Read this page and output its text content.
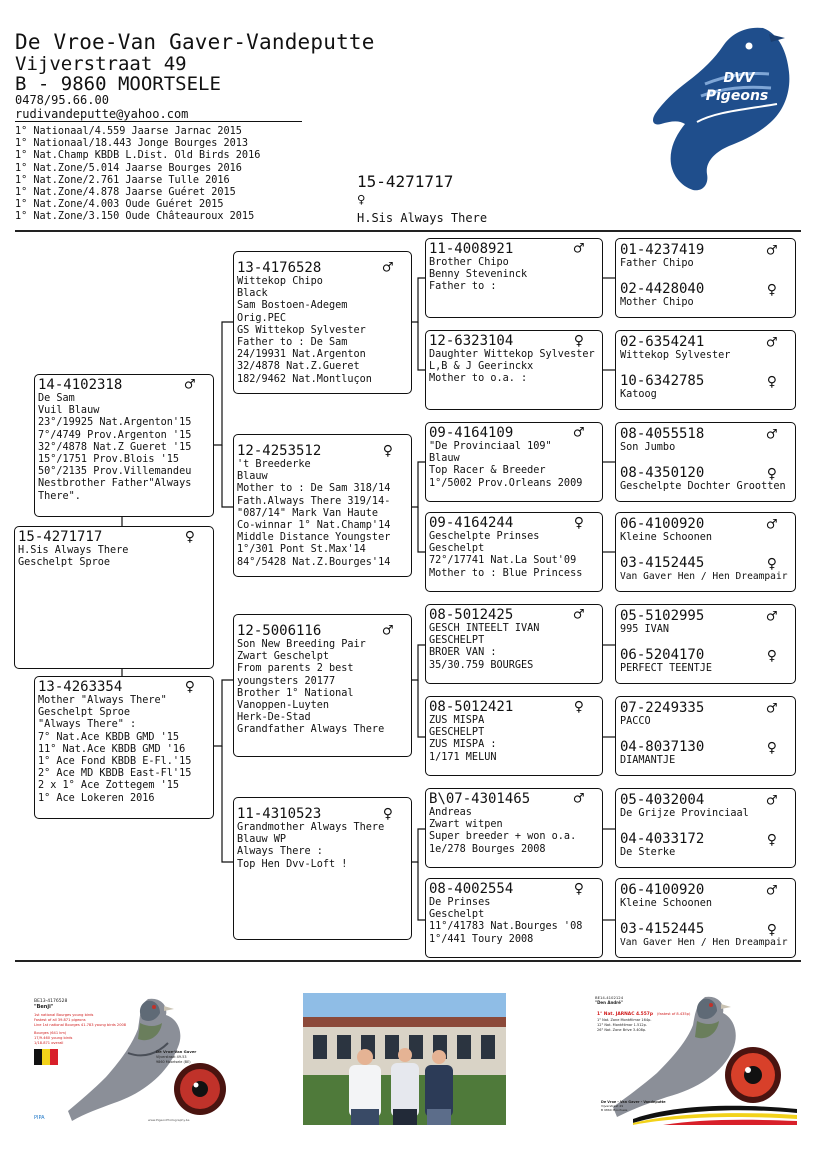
De Vroe-Van Gaver-Vandeputte
Vijverstraat 49
B - 9860 MOORTSELE
0478/95.66.00
rudivandeputte@yahoo.com
1° Nationaal/4.559 Jaarse Jarnac 2015
1° Nationaal/18.443 Jonge Bourges 2013
1° Nat.Champ KBDB L.Dist. Old Birds 2016
1° Nat.Zone/5.014 Jaarse Bourges 2016
1° Nat.Zone/2.761 Jaarse Tulle 2016
1° Nat.Zone/4.878 Jaarse Guéret 2015
1° Nat.Zone/4.003 Oude Guéret 2015
1° Nat.Zone/3.150 Oude Châteauroux 2015
DVV
Pigeons
15-4271717
♀
H.Sis Always There
15-4271717	♀
H.Sis Always There
Geschelpt Sproe
14-4102318	♂
De Sam
Vuil Blauw
23°/19925 Nat.Argenton'15
7°/4749 Prov.Argenton '15
32°/4878 Nat.Z Gueret '15
15°/1751 Prov.Blois '15
50°/2135 Prov.Villemandeu
Nestbrother Father"Always
There".
13-4263354	♀
Mother "Always There"
Geschelpt Sproe
"Always There" :
7° Nat.Ace KBDB GMD '15
11° Nat.Ace KBDB GMD '16
1° Ace Fond KBDB E-Fl.'15
2° Ace MD KBDB East-Fl'15
2 x 1° Ace Zottegem '15
1° Ace Lokeren 2016
13-4176528	♂
Wittekop Chipo
Black
Sam Bostoen-Adegem
Orig.PEC
GS Wittekop Sylvester
Father to : De Sam
24/19931 Nat.Argenton
32/4878 Nat.Z.Gueret
182/9462 Nat.Montluçon
12-4253512	♀
't Breederke
Blauw
Mother to : De Sam 318/14
Fath.Always There 319/14-
"087/14" Mark Van Haute
Co-winnar 1° Nat.Champ'14
Middle Distance Youngster
1°/301 Pont St.Max'14
84°/5428 Nat.Z.Bourges'14
12-5006116	♂
Son New Breeding Pair
Zwart Geschelpt
From parents 2 best
youngsters 20177
Brother 1° National
Vanoppen-Luyten
Herk-De-Stad
Grandfather Always There
11-4310523	♀
Grandmother Always There
Blauw WP
Always There :
Top Hen Dvv-Loft !
11-4008921	♂
Brother Chipo
Benny Steveninck
Father to :
12-6323104	♀
Daughter Wittekop Sylvester
L,B & J Geerinckx
Mother to o.a. :
09-4164109	♂
"De Provinciaal 109"
Blauw
Top Racer & Breeder
1°/5002 Prov.Orleans 2009
09-4164244	♀
Geschelpte Prinses
Geschelpt
72°/17741 Nat.La Sout'09
Mother to : Blue Princess
08-5012425	♂
GESCH INTEELT IVAN
GESCHELPT
BROER VAN :
35/30.759 BOURGES
08-5012421	♀
ZUS MISPA
GESCHELPT
ZUS MISPA :
1/171 MELUN
B\07-4301465	♂
Andreas
Zwart witpen
Super breeder + won o.a.
1e/278 Bourges 2008
08-4002554	♀
De Prinses
Geschelpt
11°/41783 Nat.Bourges '08
1°/441 Toury 2008
01-4237419	♂
Father Chipo
02-4428040	♀
Mother Chipo
02-6354241	♂
Wittekop Sylvester
10-6342785	♀
Katoog
08-4055518	♂
Son Jumbo
08-4350120	♀
Geschelpte Dochter Grootten
06-4100920	♂
Kleine Schoonen
03-4152445	♀
Van Gaver Hen / Hen Dreampair
05-5102995	♂
995 IVAN
06-5204170	♀
PERFECT TEENTJE
07-2249335	♂
PACCO
04-8037130	♀
DIAMANTJE
05-4032004	♂
De Grijze Provinciaal
04-4033172	♀
De Sterke
06-4100920	♂
Kleine Schoonen
03-4152445	♀
Van Gaver Hen / Hen Dreampair
BE13-4176528
"Benji"
1st national Bourges young birds
Fastest of all 39.871 pigeons
Line 1st national Bourges 41.783 young birds 2008
Bourges (641 km)
17/9.460 young birds
1/18.871 overall
De Vroe-Van Gaver
Vijverstraat 49-53
9860 Moortsele (BE)
PIPA	www.PigeonPhotography.be
BE14-4102124
"Den André"
1° Nat. JARNAC 4.557p (fastest of 8.435p)
1° Nat. Zone Montélimar 164p.
12° Nat. Montélimar 1.512p.
26° Nat. Zone Brive 3.408p.
De Vroe - Van Gaver - Vandeputte
Vijverstraat 49
B 9860 Moortsele
